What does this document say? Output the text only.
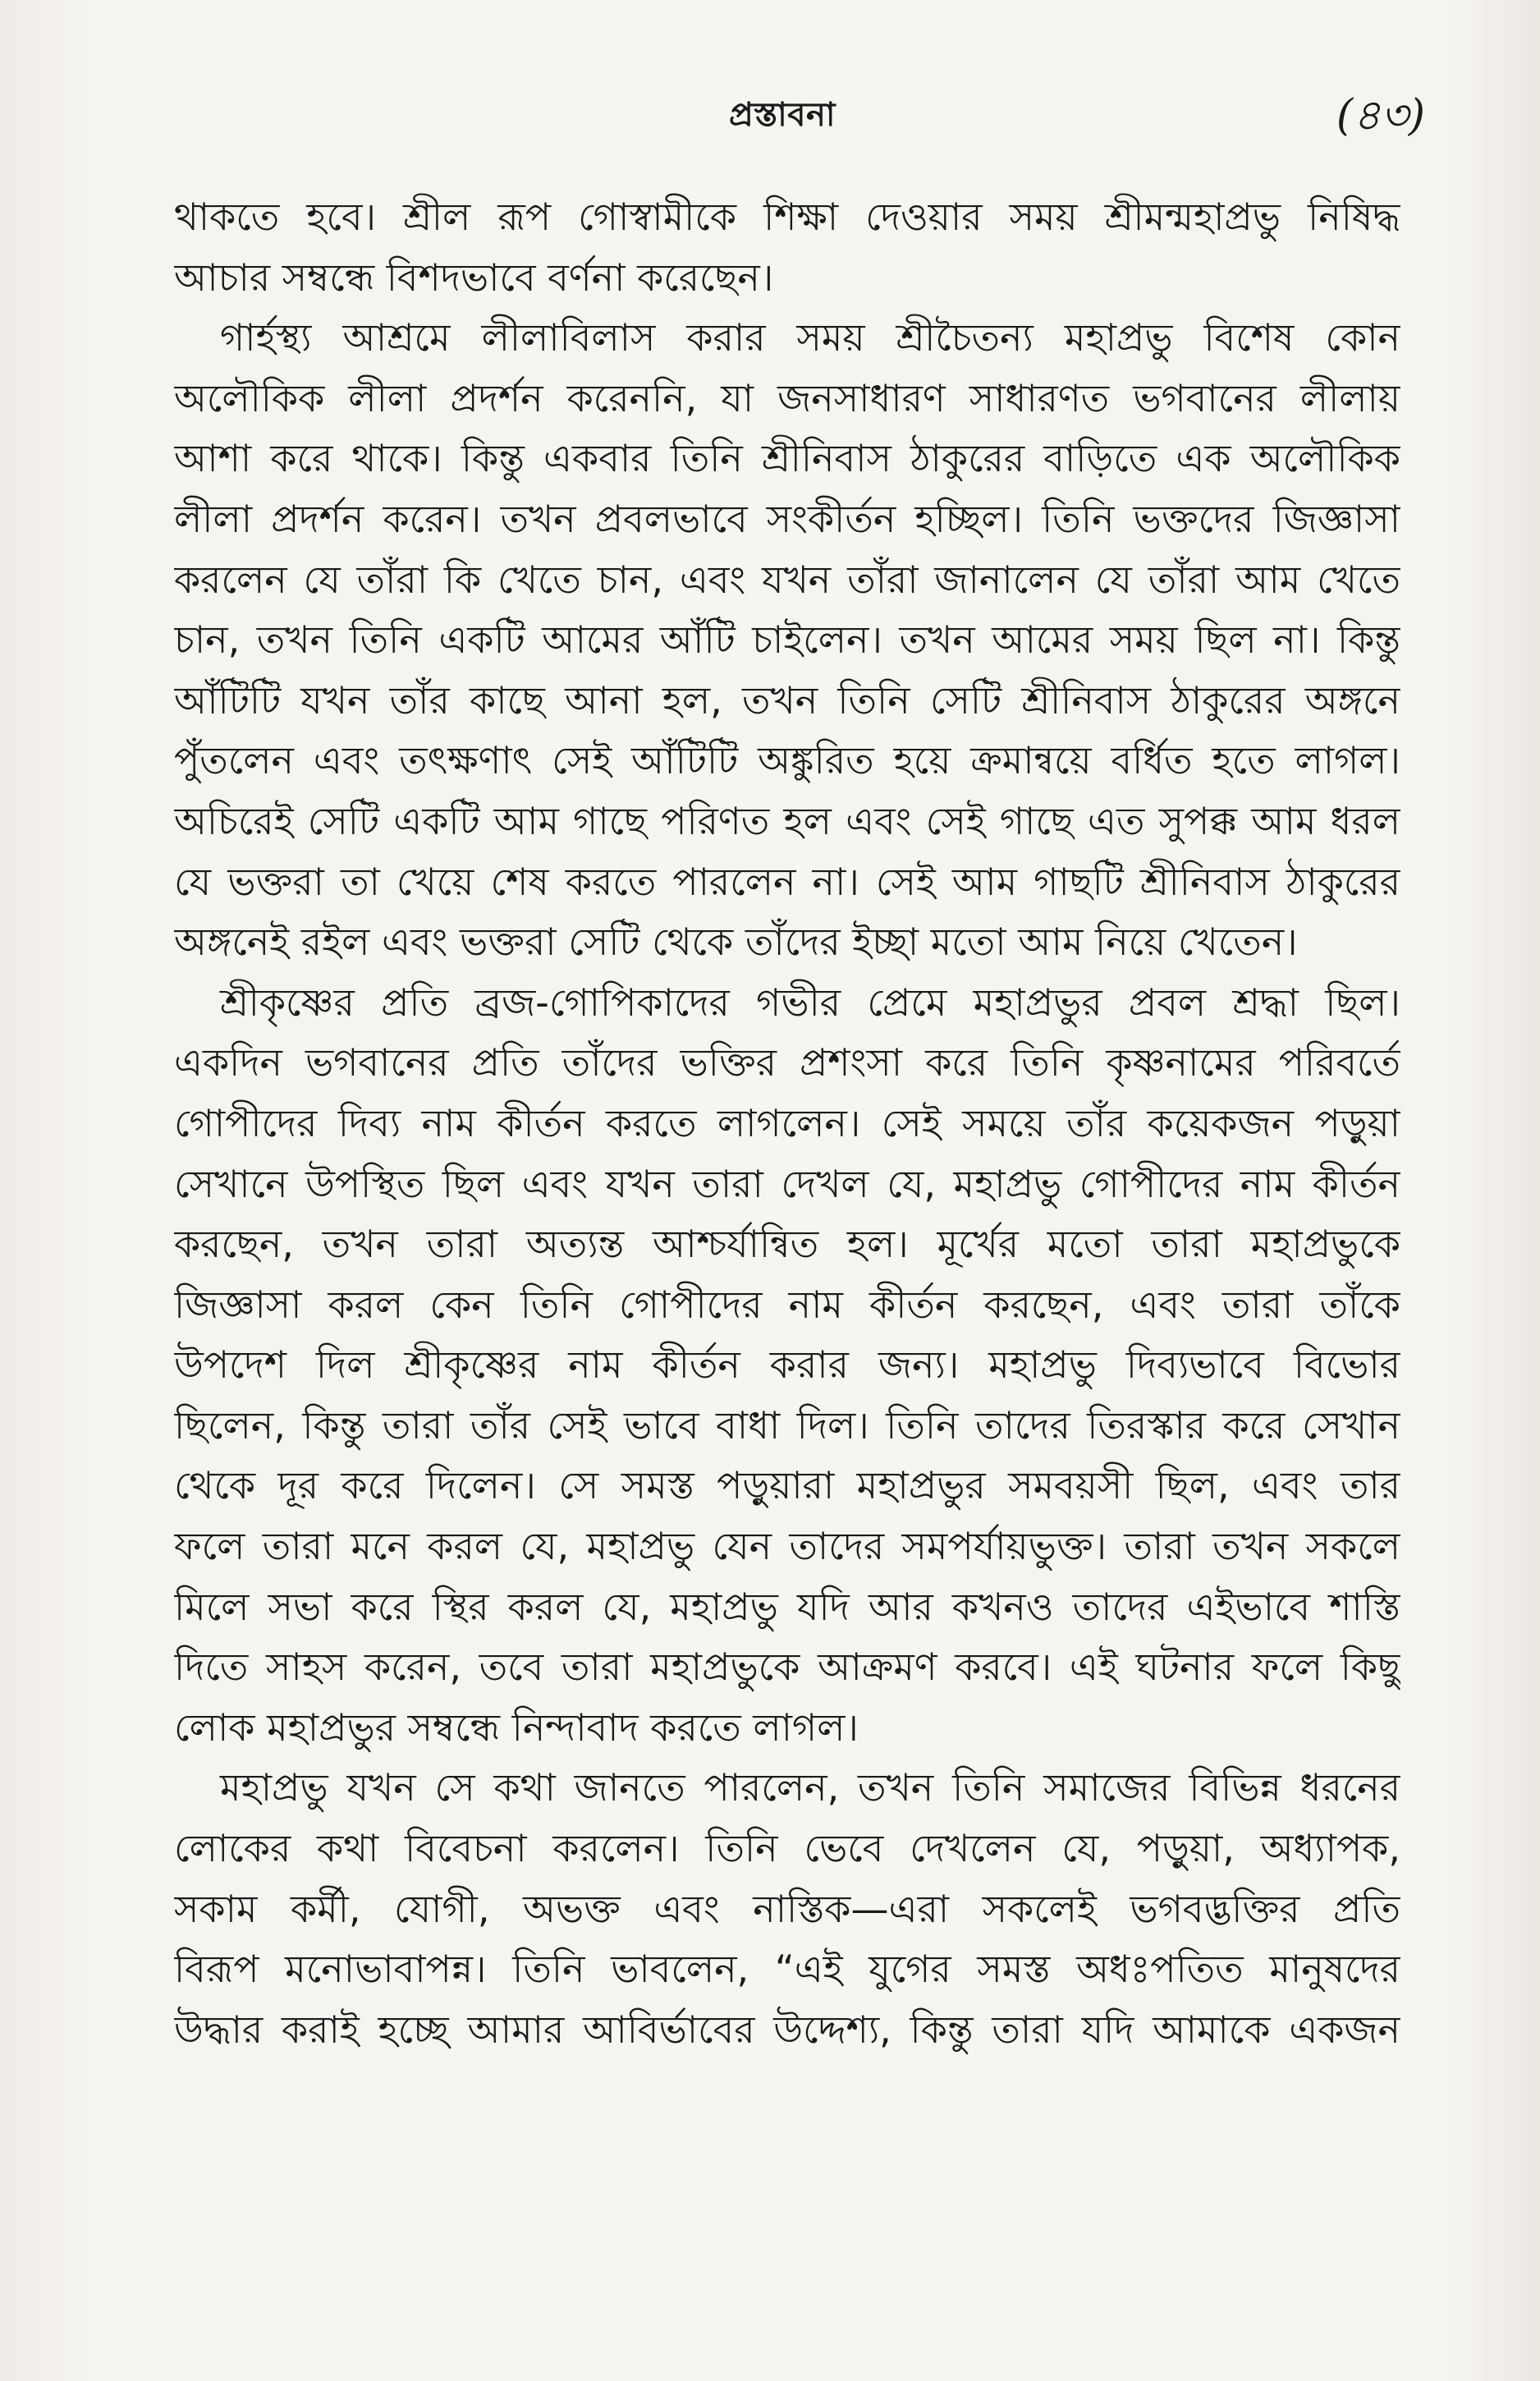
প্রস্তাবনা	(৪৩)
থাকতে হবে। শ্রীল রূপ গোস্বামীকে শিক্ষা দেওয়ার সময় শ্রীমন্মহাপ্রভু নিষিদ্ধ
আচার সম্বন্ধে বিশদভাবে বর্ণনা করেছেন।
গার্হস্থ্য আশ্রমে লীলাবিলাস করার সময় শ্রীচৈতন্য মহাপ্রভু বিশেষ কোন
অলৌকিক লীলা প্রদর্শন করেননি, যা জনসাধারণ সাধারণত ভগবানের লীলায়
আশা করে থাকে। কিন্তু একবার তিনি শ্রীনিবাস ঠাকুরের বাড়িতে এক অলৌকিক
লীলা প্রদর্শন করেন। তখন প্রবলভাবে সংকীর্তন হচ্ছিল। তিনি ভক্তদের জিজ্ঞাসা
করলেন যে তাঁরা কি খেতে চান, এবং যখন তাঁরা জানালেন যে তাঁরা আম খেতে
চান, তখন তিনি একটি আমের আঁটি চাইলেন। তখন আমের সময় ছিল না। কিন্তু
আঁটিটি যখন তাঁর কাছে আনা হল, তখন তিনি সেটি শ্রীনিবাস ঠাকুরের অঙ্গনে
পুঁতলেন এবং তৎক্ষণাৎ সেই আঁটিটি অঙ্কুরিত হয়ে ক্রমান্বয়ে বর্ধিত হতে লাগল।
অচিরেই সেটি একটি আম গাছে পরিণত হল এবং সেই গাছে এত সুপক্ক আম ধরল
যে ভক্তরা তা খেয়ে শেষ করতে পারলেন না। সেই আম গাছটি শ্রীনিবাস ঠাকুরের
অঙ্গনেই রইল এবং ভক্তরা সেটি থেকে তাঁদের ইচ্ছা মতো আম নিয়ে খেতেন।
শ্রীকৃষ্ণের প্রতি ব্রজ-গোপিকাদের গভীর প্রেমে মহাপ্রভুর প্রবল শ্রদ্ধা ছিল।
একদিন ভগবানের প্রতি তাঁদের ভক্তির প্রশংসা করে তিনি কৃষ্ণনামের পরিবর্তে
গোপীদের দিব্য নাম কীর্তন করতে লাগলেন। সেই সময়ে তাঁর কয়েকজন পড়ুয়া
সেখানে উপস্থিত ছিল এবং যখন তারা দেখল যে, মহাপ্রভু গোপীদের নাম কীর্তন
করছেন, তখন তারা অত্যন্ত আশ্চর্যান্বিত হল। মূর্খের মতো তারা মহাপ্রভুকে
জিজ্ঞাসা করল কেন তিনি গোপীদের নাম কীর্তন করছেন, এবং তারা তাঁকে
উপদেশ দিল শ্রীকৃষ্ণের নাম কীর্তন করার জন্য। মহাপ্রভু দিব্যভাবে বিভোর
ছিলেন, কিন্তু তারা তাঁর সেই ভাবে বাধা দিল। তিনি তাদের তিরস্কার করে সেখান
থেকে দূর করে দিলেন। সে সমস্ত পড়ুয়ারা মহাপ্রভুর সমবয়সী ছিল, এবং তার
ফলে তারা মনে করল যে, মহাপ্রভু যেন তাদের সমপর্যায়ভুক্ত। তারা তখন সকলে
মিলে সভা করে স্থির করল যে, মহাপ্রভু যদি আর কখনও তাদের এইভাবে শাস্তি
দিতে সাহস করেন, তবে তারা মহাপ্রভুকে আক্রমণ করবে। এই ঘটনার ফলে কিছু
লোক মহাপ্রভুর সম্বন্ধে নিন্দাবাদ করতে লাগল।
মহাপ্রভু যখন সে কথা জানতে পারলেন, তখন তিনি সমাজের বিভিন্ন ধরনের
লোকের কথা বিবেচনা করলেন। তিনি ভেবে দেখলেন যে, পড়ুয়া, অধ্যাপক,
সকাম কর্মী, যোগী, অভক্ত এবং নাস্তিক—এরা সকলেই ভগবদ্ভক্তির প্রতি
বিরূপ মনোভাবাপন্ন। তিনি ভাবলেন, “এই যুগের সমস্ত অধঃপতিত মানুষদের
উদ্ধার করাই হচ্ছে আমার আবির্ভাবের উদ্দেশ্য, কিন্তু তারা যদি আমাকে একজন
